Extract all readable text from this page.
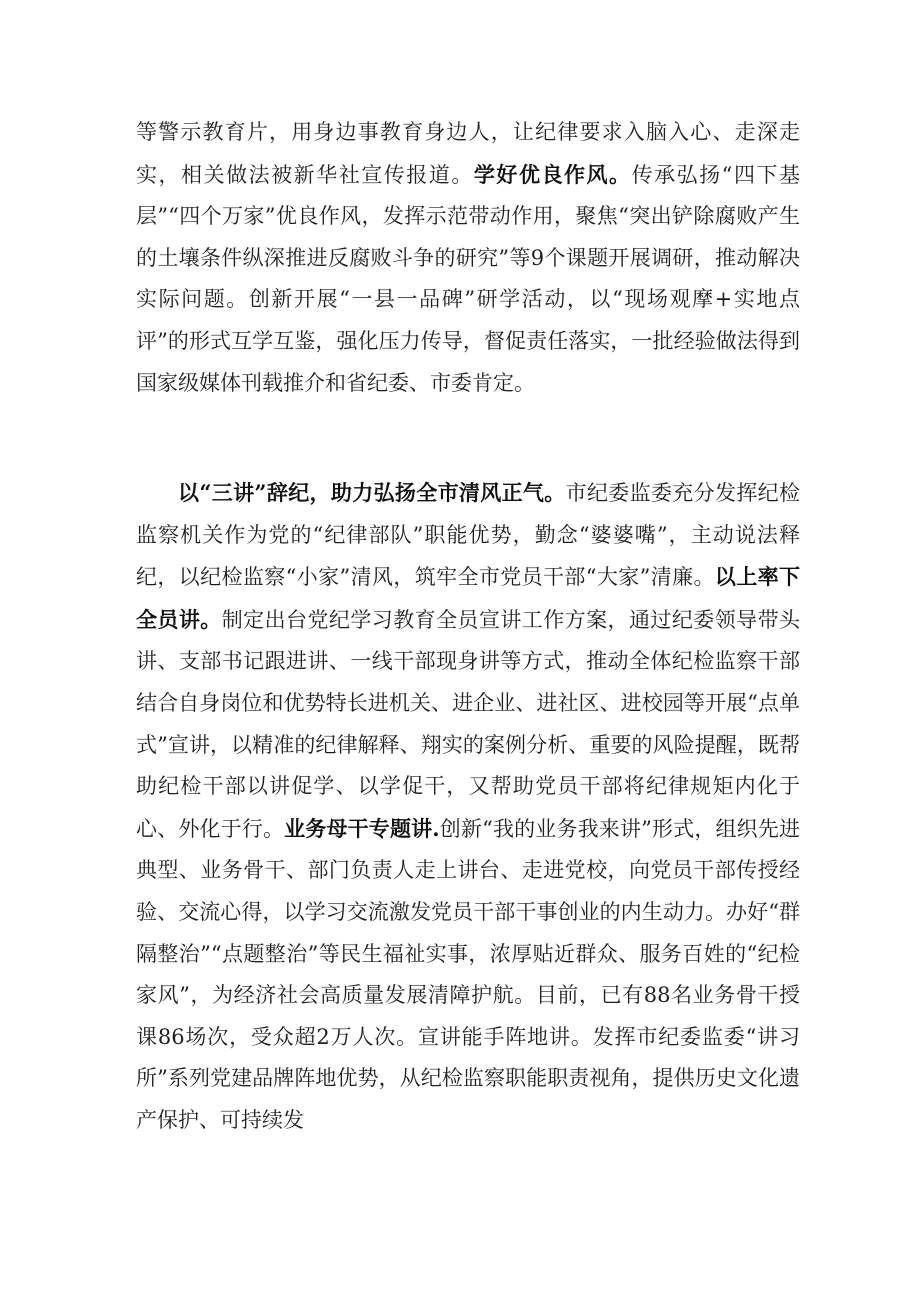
等警示教育片，用身边事教育身边人，让纪律要求入脑入心、走深走实，相关做法被新华社宣传报道。学好优良作风。传承弘扬“四下基层”“四个万家”优良作风，发挥示范带动作用，聚焦“突出铲除腐败产生的土壤条件纵深推进反腐败斗争的研究”等9个课题开展调研，推动解决实际问题。创新开展“一县一品碑”研学活动，以“现场观摩+实地点评”的形式互学互鉴，强化压力传导，督促责任落实，一批经验做法得到国家级媒体刊载推介和省纪委、市委肯定。

以“三讲”辞纪，助力弘扬全市清风正气。市纪委监委充分发挥纪检监察机关作为党的“纪律部队”职能优势，勤念“婆婆嘴”，主动说法释纪，以纪检监察“小家”清风，筑牢全市党员干部“大家”清廉。以上率下全员讲。制定出台党纪学习教育全员宣讲工作方案，通过纪委领导带头讲、支部书记跟进讲、一线干部现身讲等方式，推动全体纪检监察干部结合自身岗位和优势特长进机关、进企业、进社区、进校园等开展“点单式”宣讲，以精准的纪律解释、翔实的案例分析、重要的风险提醒，既帮助纪检干部以讲促学、以学促干，又帮助党员干部将纪律规矩内化于心、外化于行。业务母干专题讲.创新“我的业务我来讲”形式，组织先进典型、业务骨干、部门负责人走上讲台、走进党校，向党员干部传授经验、交流心得，以学习交流激发党员干部干事创业的内生动力。办好“群隔整治”“点题整治”等民生福祉实事，浓厚贴近群众、服务百姓的“纪检家风”，为经济社会高质量发展清障护航。目前，已有88名业务骨干授课86场次，受众超2万人次。宣讲能手阵地讲。发挥市纪委监委“讲习所”系列党建品牌阵地优势，从纪检监察职能职责视角，提供历史文化遗产保护、可持续发
